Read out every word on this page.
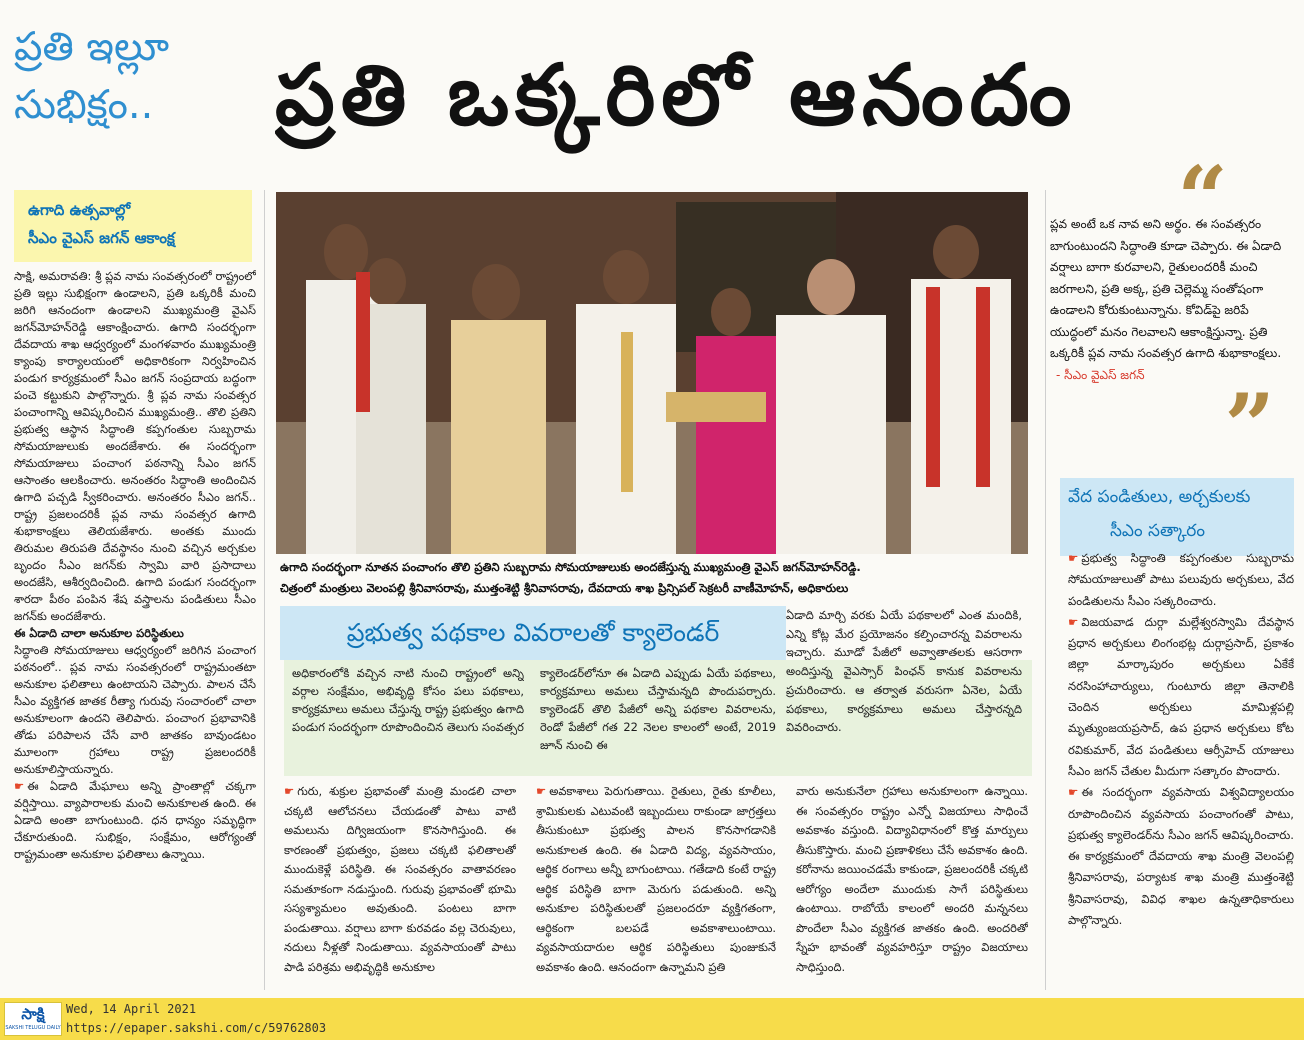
ప్రతి ఇల్లూ
సుభిక్షం..	ప్రతి ఒక్కరిలో ఆనందం
ఉగాది ఉత్సవాల్లో
సీఎం వైఎస్‌ జగన్‌ ఆకాంక్ష

సాక్షి, అమరావతి: శ్రీ ప్లవ నామ సంవత్సరంలో రాష్ట్రంలో ప్రతి ఇల్లు సుభిక్షంగా ఉండాలని, ప్రతి ఒక్కరికీ మంచి జరిగి ఆనందంగా ఉండాలని ముఖ్యమంత్రి వైఎస్‌ జగన్‌మోహన్‌రెడ్డి ఆకాంక్షించారు. ఉగాది సందర్భంగా దేవదాయ శాఖ ఆధ్వర్యంలో మంగళవారం ముఖ్యమంత్రి క్యాంపు కార్యాలయంలో అధికారికంగా నిర్వహించిన పండుగ కార్యక్రమంలో సీఎం జగన్‌ సంప్రదాయ బద్ధంగా పంచె కట్టుకుని పాల్గొన్నారు. శ్రీ ప్లవ నామ సంవత్సర పంచాంగాన్ని ఆవిష్కరించిన ముఖ్యమంత్రి.. తొలి ప్రతిని ప్రభుత్వ ఆస్థాన సిద్ధాంతి కప్పగంతుల సుబ్బరామ సోమయాజులుకు అందజేశారు. ఈ సందర్భంగా సోమయాజులు పంచాంగ పఠనాన్ని సీఎం జగన్‌ ఆసాంతం ఆలకించారు. అనంతరం సిద్ధాంతి అందించిన ఉగాది పచ్చడి స్వీకరించారు. అనంతరం సీఎం జగన్‌.. రాష్ట్ర ప్రజలందరికీ ప్లవ నామ సంవత్సర ఉగాది శుభాకాంక్షలు తెలియజేశారు. అంతకు ముందు తిరుమల తిరుపతి దేవస్థానం నుంచి వచ్చిన అర్చకుల బృందం సీఎం జగన్‌కు స్వామి వారి ప్రసాదాలు అందజేసి, ఆశీర్వదించింది. ఉగాది పండుగ సందర్భంగా శారదా పీఠం పంపిన శేష వస్త్రాలను పండితులు సీఎం జగన్‌కు అందజేశారు.

ఈ ఏడాది చాలా అనుకూల పరిస్థితులు

సిద్ధాంతి సోమయాజులు ఆధ్వర్యంలో జరిగిన పంచాంగ పఠనంలో.. ప్లవ నామ సంవత్సరంలో రాష్ట్రమంతటా అనుకూల ఫలితాలు ఉంటాయని చెప్పారు. పాలన చేసే సీఎం వ్యక్తిగత జాతక రీత్యా గురువు సంచారంలో చాలా అనుకూలంగా ఉందని తెలిపారు. పంచాంగ ప్రభావానికి తోడు పరిపాలన చేసే వారి జాతకం బావుండటం మూలంగా గ్రహాలు రాష్ట్ర ప్రజలందరికీ అనుకూలిస్తాయన్నారు.

☛ ఈ ఏడాది మేఘాలు అన్ని ప్రాంతాల్లో చక్కగా వర్షిస్తాయి. వ్యాపారాలకు మంచి అనుకూలత ఉంది. ఈ ఏడాది అంతా బాగుంటుంది. ధన ధాన్యం సమృద్ధిగా చేకూరుతుంది. సుభిక్షం, సంక్షేమం, ఆరోగ్యంతో రాష్ట్రమంతా అనుకూల ఫలితాలు ఉన్నాయి.

ఉగాది సందర్భంగా నూతన పంచాంగం తొలి ప్రతిని సుబ్బరామ సోమయాజులుకు అందజేస్తున్న ముఖ్యమంత్రి వైఎస్‌ జగన్‌మోహన్‌రెడ్డి.
చిత్రంలో మంత్రులు వెలంపల్లి శ్రీనివాసరావు, ముత్తంశెట్టి శ్రీనివాసరావు, దేవదాయ శాఖ ప్రిన్సిపల్‌ సెక్రటరీ వాణీమోహన్‌, అధికారులు
“
ప్లవ అంటే ఒక నావ అని అర్థం. ఈ సంవత్సరం బాగుంటుందని సిద్ధాంతి కూడా చెప్పారు. ఈ ఏడాది వర్షాలు బాగా కురవాలని, రైతులందరికీ మంచి జరగాలని, ప్రతి అక్క, ప్రతి చెల్లెమ్మ సంతోషంగా ఉండాలని కోరుకుంటున్నాను. కోవిడ్‌పై జరిపే యుద్ధంలో మనం గెలవాలని ఆకాంక్షిస్తున్నా. ప్రతి ఒక్కరికీ ప్లవ నామ సంవత్సర ఉగాది శుభాకాంక్షలు.
- సీఎం వైఎస్‌ జగన్‌ ”
వేద పండితులు, అర్చకులకు
సీఎం సత్కారం

☛ ప్రభుత్వ సిద్ధాంతి కప్పగంతుల సుబ్బరామ సోమయాజులుతో పాటు పలువురు అర్చకులు, వేద పండితులను సీఎం సత్కరించారు.

☛ విజయవాడ దుర్గా మల్లేశ్వరస్వామి దేవస్థాన ప్రధాన అర్చకులు లింగంభట్ల దుర్గాప్రసాద్‌, ప్రకాశం జిల్లా మార్కాపురం అర్చకులు ఏకేకే నరసింహాచార్యులు, గుంటూరు జిల్లా తెనాలికి చెందిన అర్చకులు మామిళ్లపల్లి మృత్యుంజయప్రసాద్‌, ఉప ప్రధాన అర్చకులు కోట రవికుమార్‌, వేద పండితులు ఆర్సీహెచ్‌ యాజులు సీఎం జగన్‌ చేతుల మీదుగా సత్కారం పొందారు.

☛ ఈ సందర్భంగా వ్యవసాయ విశ్వవిద్యాలయం రూపొందించిన వ్యవసాయ పంచాంగంతో పాటు, ప్రభుత్వ క్యాలెండర్‌ను సీఎం జగన్‌ ఆవిష్కరించారు. ఈ కార్యక్రమంలో దేవదాయ శాఖ మంత్రి వెలంపల్లి శ్రీనివాసరావు, పర్యాటక శాఖ మంత్రి ముత్తంశెట్టి శ్రీనివాసరావు, వివిధ శాఖల ఉన్నతాధికారులు పాల్గొన్నారు.

ప్రభుత్వ పథకాల వివరాలతో క్యాలెండర్‌
అధికారంలోకి వచ్చిన నాటి నుంచి రాష్ట్రంలో అన్ని వర్గాల సంక్షేమం, అభివృద్ధి కోసం పలు పథకాలు, కార్యక్రమాలు అమలు చేస్తున్న రాష్ట్ర ప్రభుత్వం ఉగాది పండుగ సందర్భంగా రూపొందించిన తెలుగు సంవత్సర
క్యాలెండర్‌లోనూ ఈ ఏడాది ఎప్పుడు ఏయే పథకాలు, కార్యక్రమాలు అమలు చేస్తామన్నది పొందుపర్చారు. క్యాలెండర్‌ తొలి పేజీలో అన్ని పథకాల వివరాలను, రెండో పేజీలో గత 22 నెలల కాలంలో అంటే, 2019 జూన్‌ నుంచి ఈ
ఏడాది మార్చి వరకు ఏయే పథకాలలో ఎంత మందికి, ఎన్ని కోట్ల మేర ప్రయోజనం కల్పించారన్న వివరాలను ఇచ్చారు. మూడో పేజీలో అవ్వాతాతలకు ఆసరాగా అందిస్తున్న వైఎస్సార్‌ పింఛన్‌ కానుక వివరాలను ప్రచురించారు. ఆ తర్వాత వరుసగా ఏనెల, ఏయే పథకాలు, కార్యక్రమాలు అమలు చేస్తారన్నది వివరించారు.

☛ గురు, శుక్రుల ప్రభావంతో మంత్రి మండలి చాలా చక్కటి ఆలోచనలు చేయడంతో పాటు వాటి అమలును దిగ్విజయంగా కొనసాగిస్తుంది. ఈ కారణంతో ప్రభుత్వం, ప్రజలు చక్కటి ఫలితాలతో ముందుకెళ్లే పరిస్థితి. ఈ సంవత్సరం వాతావరణం సమతూకంగా నడుస్తుంది. గురువు ప్రభావంతో భూమి సస్యశ్యామలం అవుతుంది. పంటలు బాగా పండుతాయి. వర్షాలు బాగా కురవడం వల్ల చెరువులు, నదులు నీళ్లతో నిండుతాయి. వ్యవసాయంతో పాటు పాడి పరిశ్రమ అభివృద్ధికి అనుకూల

☛ అవకాశాలు పెరుగుతాయి. రైతులు, రైతు కూలీలు, శ్రామికులకు ఎటువంటి ఇబ్బందులు రాకుండా జాగ్రత్తలు తీసుకుంటూ ప్రభుత్వ పాలన కొనసాగడానికి అనుకూలత ఉంది. ఈ ఏడాది విద్య, వ్యవసాయం, ఆర్థిక రంగాలు అన్నీ బాగుంటాయి. గతేడాది కంటే రాష్ట్ర ఆర్థిక పరిస్థితి బాగా మెరుగు పడుతుంది. అన్ని అనుకూల పరిస్థితులతో ప్రజలందరూ వ్యక్తిగతంగా, ఆర్థికంగా బలపడే అవకాశాలుంటాయి. వ్యవసాయదారుల ఆర్థిక పరిస్థితులు పుంజుకునే అవకాశం ఉంది. ఆనందంగా ఉన్నామని ప్రతి

వారు అనుకునేలా గ్రహాలు అనుకూలంగా ఉన్నాయి. ఈ సంవత్సరం రాష్ట్రం ఎన్నో విజయాలు సాధించే అవకాశం వస్తుంది. విద్యావిధానంలో కొత్త మార్పులు తీసుకొస్తారు. మంచి ప్రణాళికలు చేసే అవకాశం ఉంది. కరోనాను జయించడమే కాకుండా, ప్రజలందరికీ చక్కటి ఆరోగ్యం అందేలా ముందుకు సాగే పరిస్థితులు ఉంటాయి. రాబోయే కాలంలో అందరి మన్ననలు పొందేలా సీఎం వ్యక్తిగత జాతకం ఉంది. అందరితో స్నేహ భావంతో వ్యవహరిస్తూ రాష్ట్రం విజయాలు సాధిస్తుంది.

సాక్షి
SAKSHI TELUGU DAILY
Wed, 14 April 2021
https://epaper.sakshi.com/c/59762803
